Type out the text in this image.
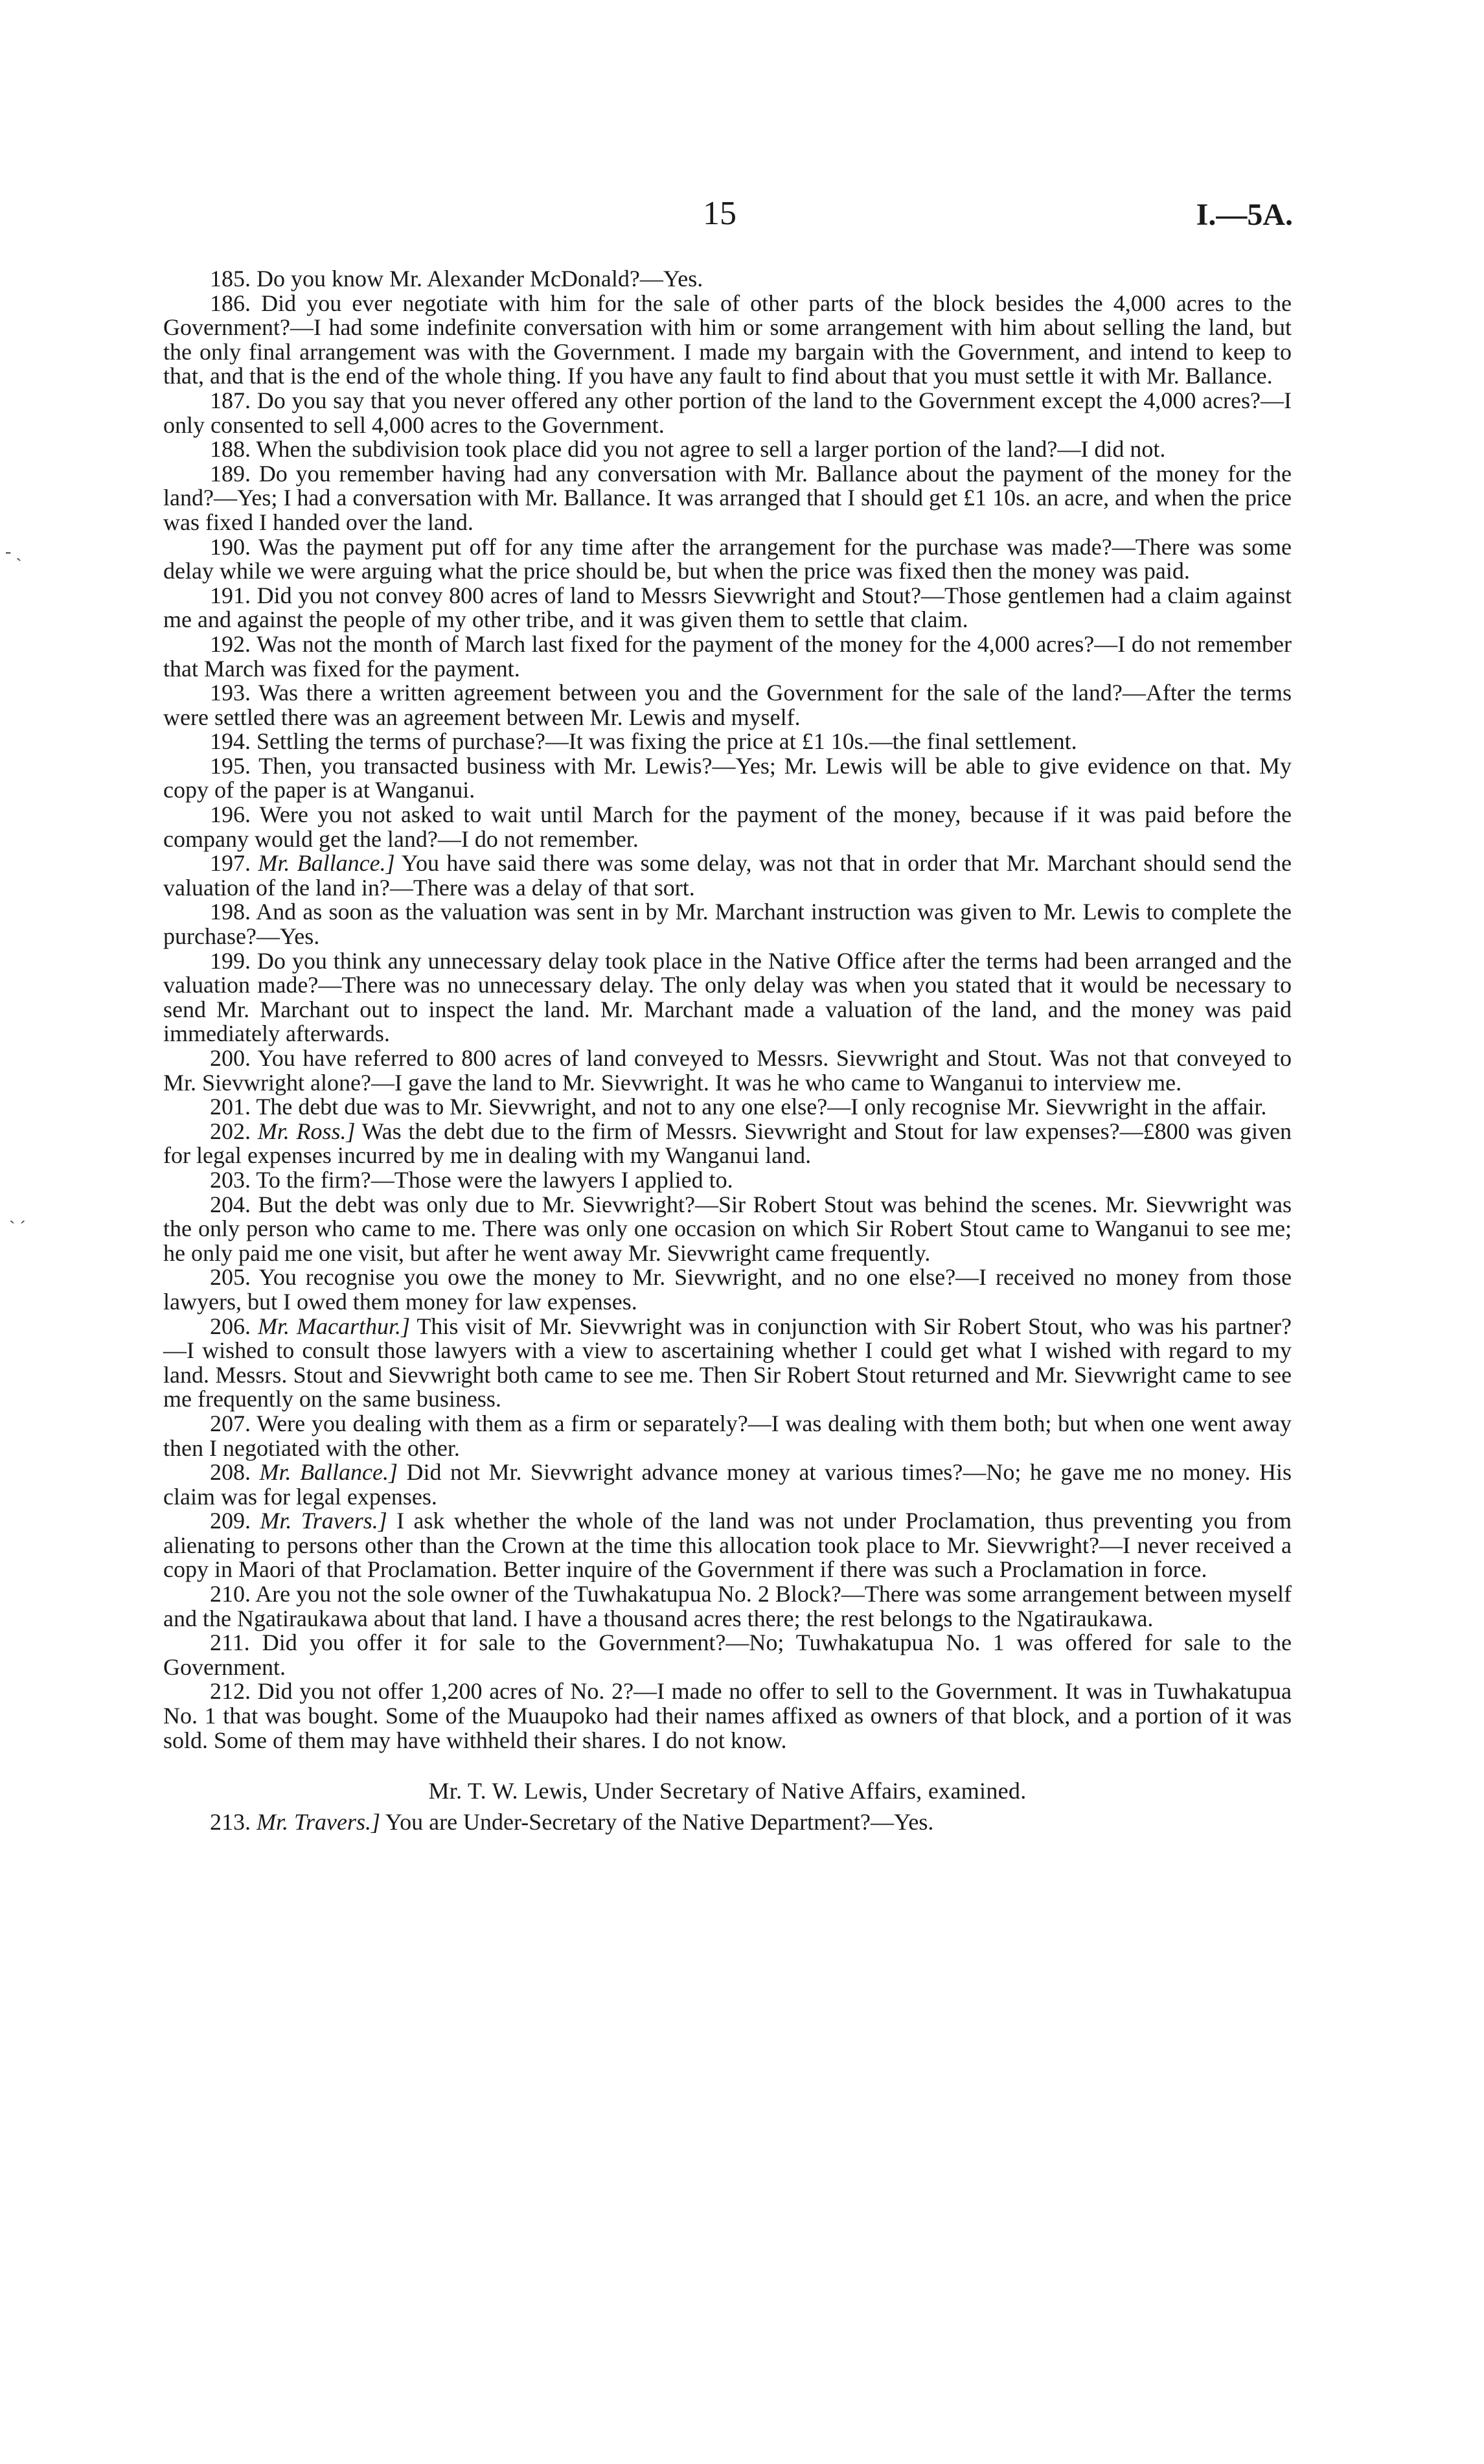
15	I.—5A.
‑ ˏ
ˋ ˊ

185. Do you know Mr. Alexander McDonald?—Yes.

186. Did you ever negotiate with him for the sale of other parts of the block besides the 4,000 acres to the Government?—I had some indefinite conversation with him or some arrangement with him about selling the land, but the only final arrangement was with the Government. I made my bargain with the Government, and intend to keep to that, and that is the end of the whole thing. If you have any fault to find about that you must settle it with Mr. Ballance.

187. Do you say that you never offered any other portion of the land to the Government except the 4,000 acres?—I only consented to sell 4,000 acres to the Government.

188. When the subdivision took place did you not agree to sell a larger portion of the land?—I did not.

189. Do you remember having had any conversation with Mr. Ballance about the payment of the money for the land?—Yes; I had a conversation with Mr. Ballance. It was arranged that I should get £1 10s. an acre, and when the price was fixed I handed over the land.

190. Was the payment put off for any time after the arrangement for the purchase was made?—There was some delay while we were arguing what the price should be, but when the price was fixed then the money was paid.

191. Did you not convey 800 acres of land to Messrs Sievwright and Stout?—Those gentlemen had a claim against me and against the people of my other tribe, and it was given them to settle that claim.

192. Was not the month of March last fixed for the payment of the money for the 4,000 acres?—I do not remember that March was fixed for the payment.

193. Was there a written agreement between you and the Government for the sale of the land?—After the terms were settled there was an agreement between Mr. Lewis and myself.

194. Settling the terms of purchase?—It was fixing the price at £1 10s.—the final settlement.

195. Then, you transacted business with Mr. Lewis?—Yes; Mr. Lewis will be able to give evidence on that. My copy of the paper is at Wanganui.

196. Were you not asked to wait until March for the payment of the money, because if it was paid before the company would get the land?—I do not remember.

197. Mr. Ballance.] You have said there was some delay, was not that in order that Mr. Marchant should send the valuation of the land in?—There was a delay of that sort.

198. And as soon as the valuation was sent in by Mr. Marchant instruction was given to Mr. Lewis to complete the purchase?—Yes.

199. Do you think any unnecessary delay took place in the Native Office after the terms had been arranged and the valuation made?—There was no unnecessary delay. The only delay was when you stated that it would be necessary to send Mr. Marchant out to inspect the land. Mr. Marchant made a valuation of the land, and the money was paid immediately afterwards.

200. You have referred to 800 acres of land conveyed to Messrs. Sievwright and Stout. Was not that conveyed to Mr. Sievwright alone?—I gave the land to Mr. Sievwright. It was he who came to Wanganui to interview me.

201. The debt due was to Mr. Sievwright, and not to any one else?—I only recognise Mr. Sievwright in the affair.

202. Mr. Ross.] Was the debt due to the firm of Messrs. Sievwright and Stout for law expenses?—£800 was given for legal expenses incurred by me in dealing with my Wanganui land.

203. To the firm?—Those were the lawyers I applied to.

204. But the debt was only due to Mr. Sievwright?—Sir Robert Stout was behind the scenes. Mr. Sievwright was the only person who came to me. There was only one occasion on which Sir Robert Stout came to Wanganui to see me; he only paid me one visit, but after he went away Mr. Sievwright came frequently.

205. You recognise you owe the money to Mr. Sievwright, and no one else?—I received no money from those lawyers, but I owed them money for law expenses.

206. Mr. Macarthur.] This visit of Mr. Sievwright was in conjunction with Sir Robert Stout, who was his partner?—I wished to consult those lawyers with a view to ascertaining whether I could get what I wished with regard to my land. Messrs. Stout and Sievwright both came to see me. Then Sir Robert Stout returned and Mr. Sievwright came to see me frequently on the same business.

207. Were you dealing with them as a firm or separately?—I was dealing with them both; but when one went away then I negotiated with the other.

208. Mr. Ballance.] Did not Mr. Sievwright advance money at various times?—No; he gave me no money. His claim was for legal expenses.

209. Mr. Travers.] I ask whether the whole of the land was not under Proclamation, thus preventing you from alienating to persons other than the Crown at the time this allocation took place to Mr. Sievwright?—I never received a copy in Maori of that Proclamation. Better inquire of the Government if there was such a Proclamation in force.

210. Are you not the sole owner of the Tuwhakatupua No. 2 Block?—There was some arrangement between myself and the Ngatiraukawa about that land. I have a thousand acres there; the rest belongs to the Ngatiraukawa.

211. Did you offer it for sale to the Government?—No; Tuwhakatupua No. 1 was offered for sale to the Government.

212. Did you not offer 1,200 acres of No. 2?—I made no offer to sell to the Government. It was in Tuwhakatupua No. 1 that was bought. Some of the Muaupoko had their names affixed as owners of that block, and a portion of it was sold. Some of them may have withheld their shares. I do not know.

Mr. T. W. Lewis, Under Secretary of Native Affairs, examined.

213. Mr. Travers.] You are Under-Secretary of the Native Department?—Yes.
